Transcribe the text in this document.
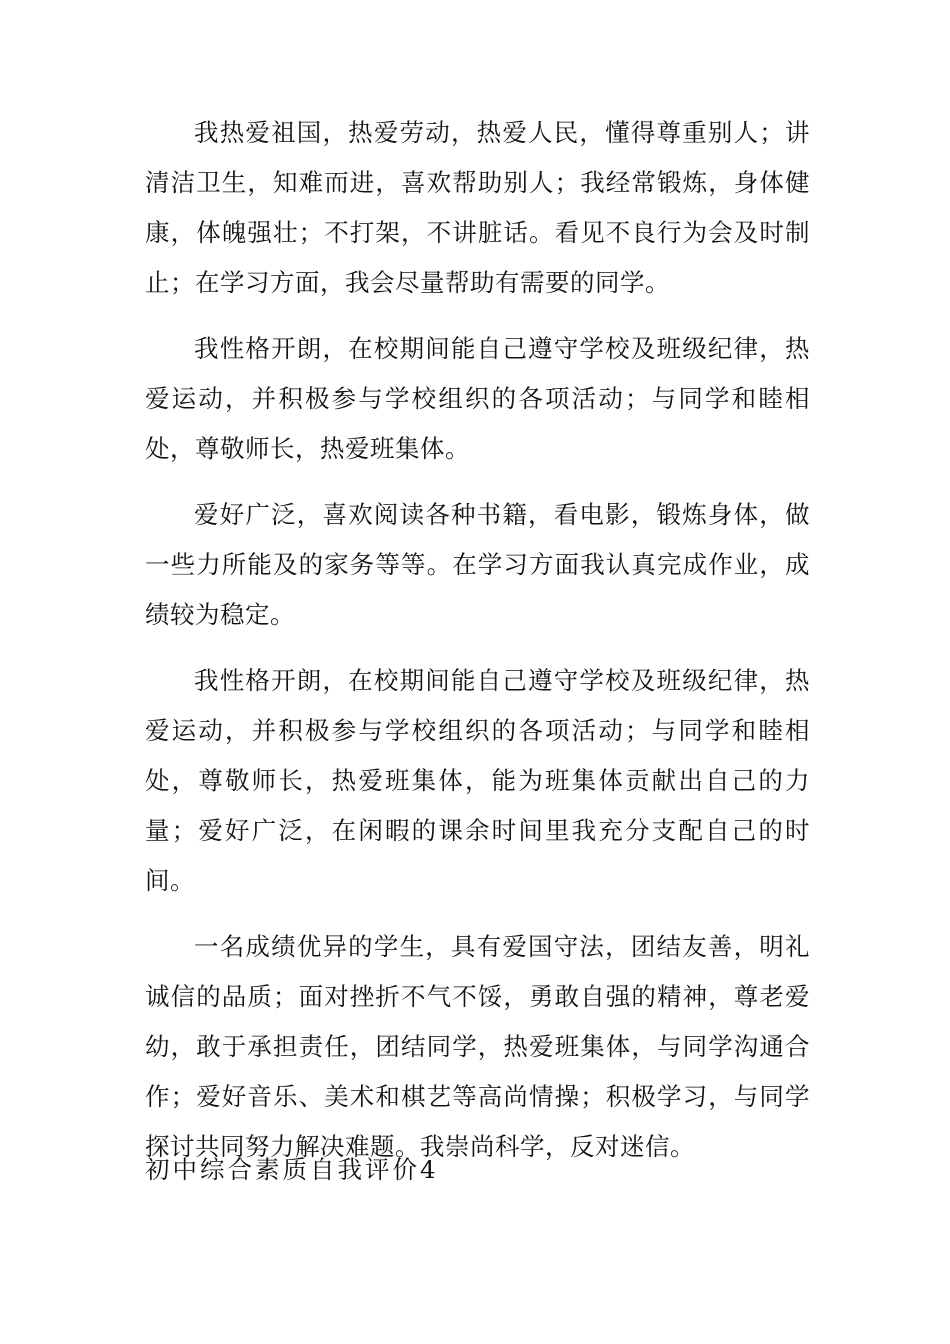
我热爱祖国，热爱劳动，热爱人民，懂得尊重别人；讲清洁卫生，知难而进，喜欢帮助别人；我经常锻炼，身体健康，体魄强壮；不打架，不讲脏话。看见不良行为会及时制止；在学习方面，我会尽量帮助有需要的同学。

我性格开朗，在校期间能自己遵守学校及班级纪律，热爱运动，并积极参与学校组织的各项活动；与同学和睦相处，尊敬师长，热爱班集体。

爱好广泛，喜欢阅读各种书籍，看电影，锻炼身体，做一些力所能及的家务等等。在学习方面我认真完成作业，成绩较为稳定。

我性格开朗，在校期间能自己遵守学校及班级纪律，热爱运动，并积极参与学校组织的各项活动；与同学和睦相处，尊敬师长，热爱班集体，能为班集体贡献出自己的力量；爱好广泛，在闲暇的课余时间里我充分支配自己的时间。

一名成绩优异的学生，具有爱国守法，团结友善，明礼诚信的品质；面对挫折不气不馁，勇敢自强的精神，尊老爱幼，敢于承担责任，团结同学，热爱班集体，与同学沟通合作；爱好音乐、美术和棋艺等高尚情操；积极学习，与同学探讨共同努力解决难题。我崇尚科学，反对迷信。

初中综合素质自我评价4
